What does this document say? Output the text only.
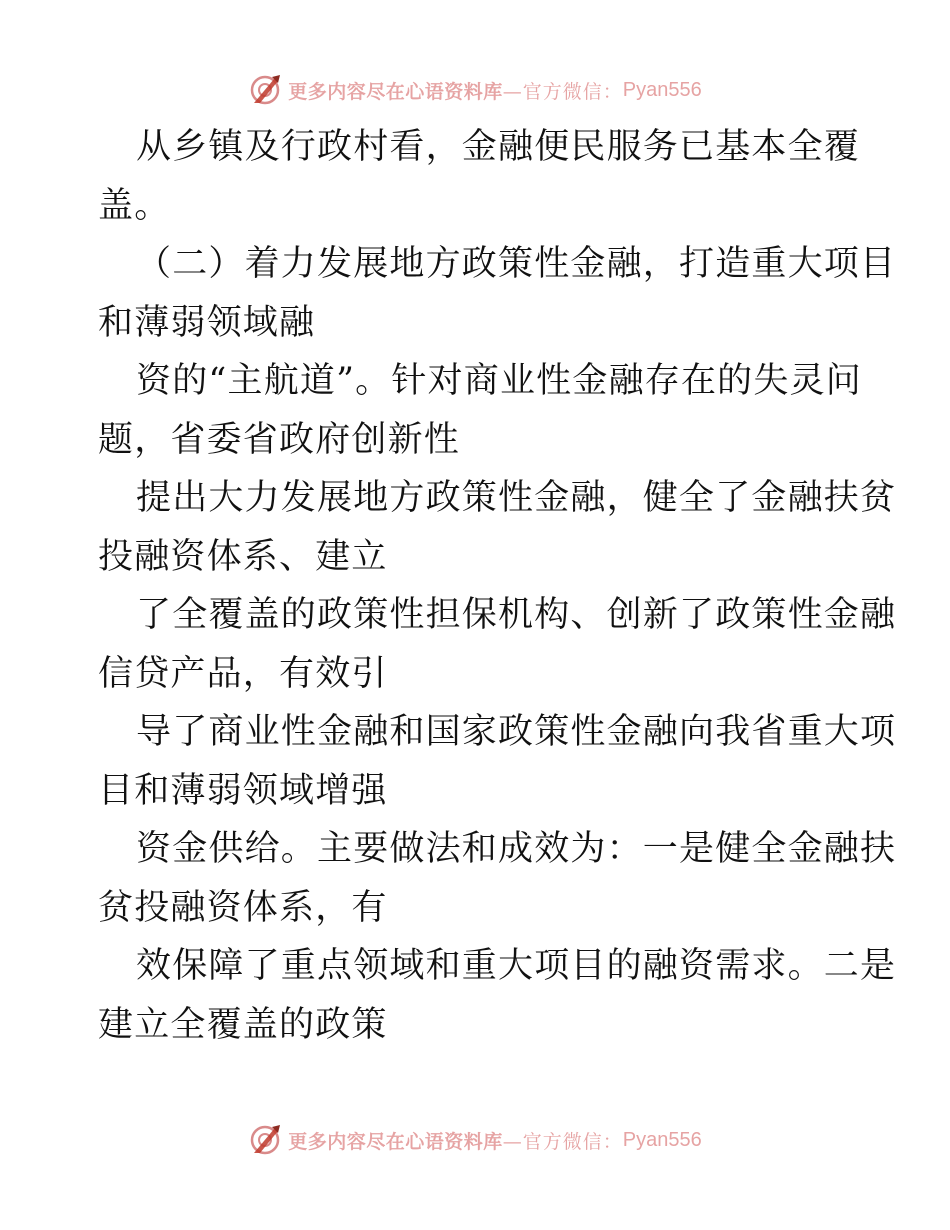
更多内容尽在心语资料库 —官方微信： Pyan556
从乡镇及行政村看，金融便民服务已基本全覆
盖。
（二）着力发展地方政策性金融，打造重大项目
和薄弱领域融
资的“主航道”。针对商业性金融存在的失灵问
题，省委省政府创新性
提出大力发展地方政策性金融，健全了金融扶贫
投融资体系、建立
了全覆盖的政策性担保机构、创新了政策性金融
信贷产品，有效引
导了商业性金融和国家政策性金融向我省重大项
目和薄弱领域增强
资金供给。主要做法和成效为：一是健全金融扶
贫投融资体系，有
效保障了重点领域和重大项目的融资需求。二是
建立全覆盖的政策
更多内容尽在心语资料库 —官方微信： Pyan556
